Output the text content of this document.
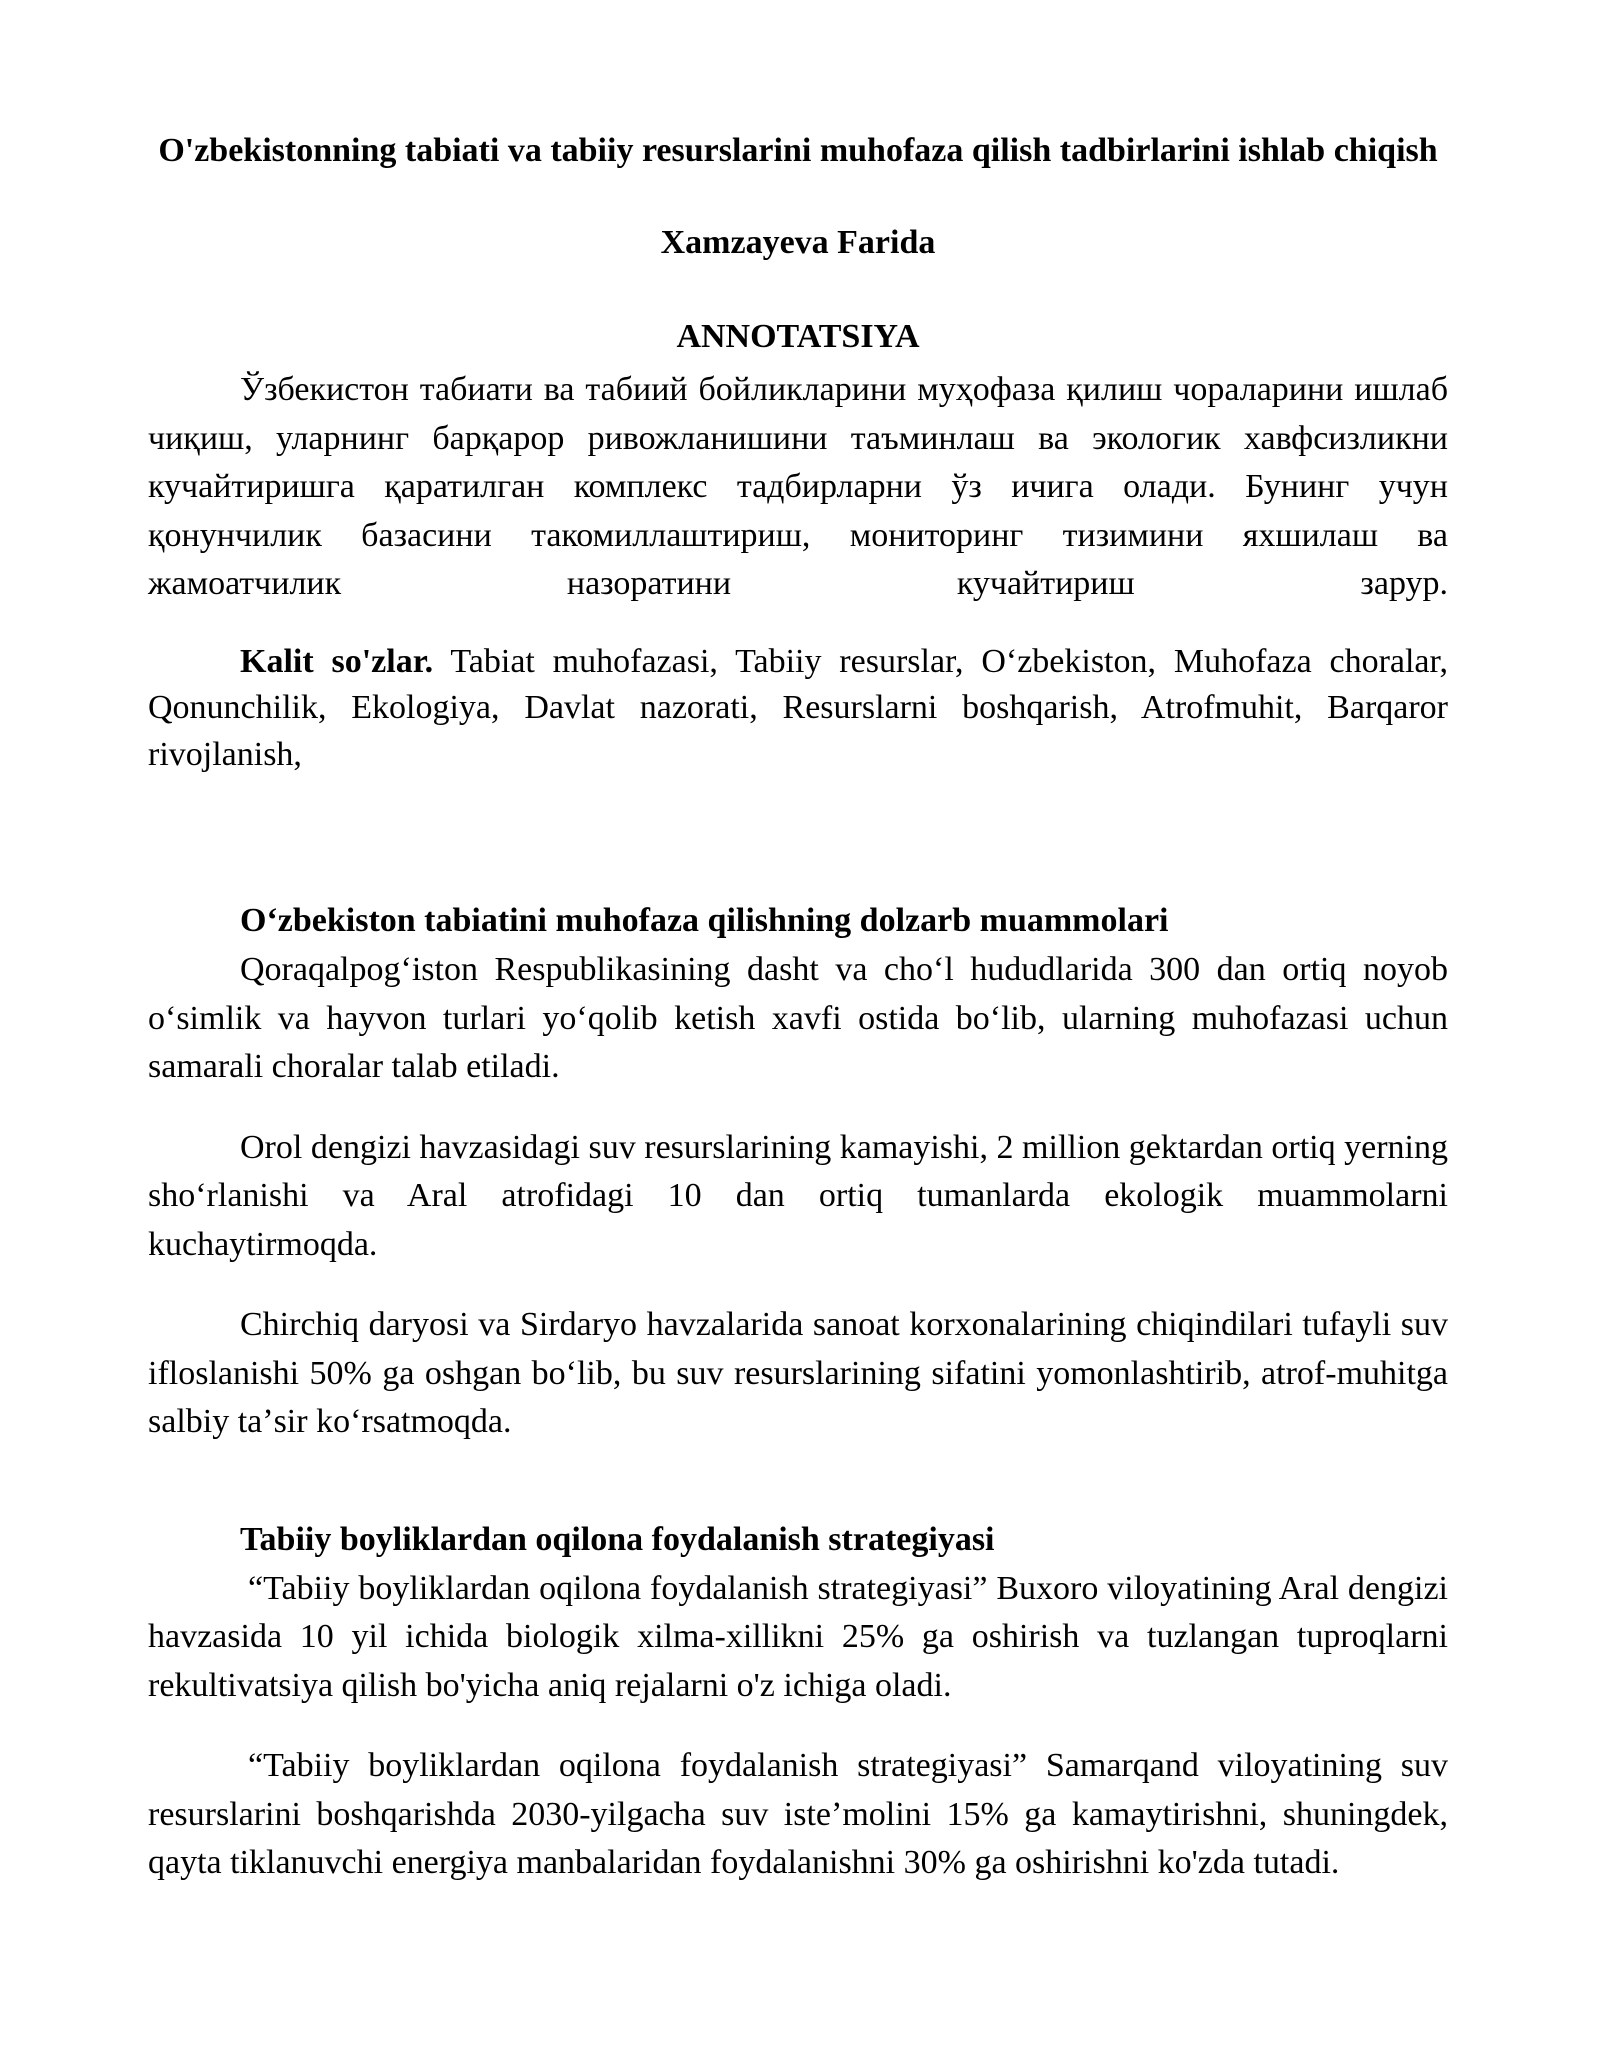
O'zbekistonning tabiati va tabiiy resurslarini muhofaza qilish tadbirlarini ishlab chiqish
Xamzayeva Farida
ANNOTATSIYA

Ўзбекистон табиати ва табиий бойликларини муҳофаза қилиш чораларини ишлаб чиқиш, уларнинг барқарор ривожланишини таъминлаш ва экологик хавфсизликни кучайтиришга қаратилган комплекс тадбирларни ўз ичига олади. Бунинг учун қонунчилик базасини такомиллаштириш, мониторинг тизимини яхшилаш ва жамоатчилик назоратини кучайтириш зарур.

Kalit so'zlar. Tabiat muhofazasi, Tabiiy resurslar, Oʻzbekiston, Muhofaza choralar, Qonunchilik, Ekologiya, Davlat nazorati, Resurslarni boshqarish, Atrofmuhit, Barqaror rivojlanish,

Oʻzbekiston tabiatini muhofaza qilishning dolzarb muammolari

Qoraqalpogʻiston Respublikasining dasht va choʻl hududlarida 300 dan ortiq noyob oʻsimlik va hayvon turlari yoʻqolib ketish xavfi ostida boʻlib, ularning muhofazasi uchun samarali choralar talab etiladi.

Orol dengizi havzasidagi suv resurslarining kamayishi, 2 million gektardan ortiq yerning shoʻrlanishi va Aral atrofidagi 10 dan ortiq tumanlarda ekologik muammolarni kuchaytirmoqda.

Chirchiq daryosi va Sirdaryo havzalarida sanoat korxonalarining chiqindilari tufayli suv ifloslanishi 50% ga oshgan boʻlib, bu suv resurslarining sifatini yomonlashtirib, atrof-muhitga salbiy taʼsir koʻrsatmoqda.

Tabiiy boyliklardan oqilona foydalanish strategiyasi

“Tabiiy boyliklardan oqilona foydalanish strategiyasi” Buxoro viloyatining Aral dengizi havzasida 10 yil ichida biologik xilma-xillikni 25% ga oshirish va tuzlangan tuproqlarni rekultivatsiya qilish bo'yicha aniq rejalarni o'z ichiga oladi.

“Tabiiy boyliklardan oqilona foydalanish strategiyasi” Samarqand viloyatining suv resurslarini boshqarishda 2030-yilgacha suv isteʼmolini 15% ga kamaytirishni, shuningdek, qayta tiklanuvchi energiya manbalaridan foydalanishni 30% ga oshirishni ko'zda tutadi.
